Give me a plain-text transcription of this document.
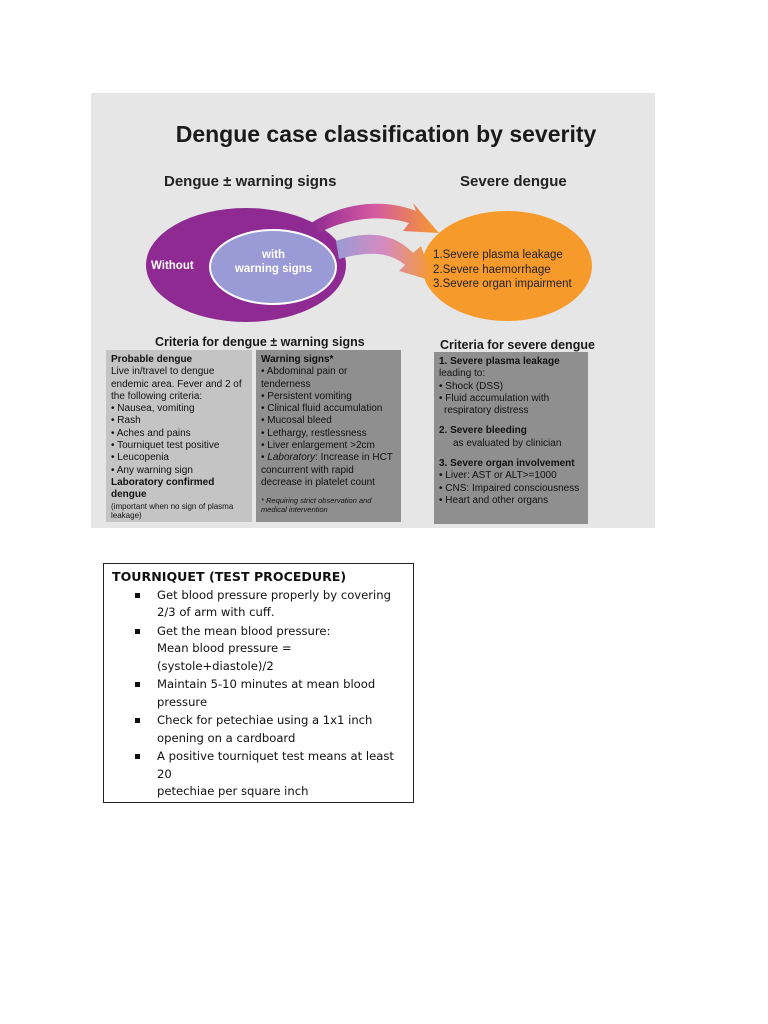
Dengue case classification by severity
Dengue ± warning signs	Severe dengue
Without
with
warning signs
1.Severe plasma leakage
2.Severe haemorrhage
3.Severe organ impairment
Criteria for dengue ± warning signs	Criteria for severe dengue
Probable dengue
Live in/travel to dengue endemic area. Fever and 2 of the following criteria:
• Nausea, vomiting
• Rash
• Aches and pains
• Tourniquet test positive
• Leucopenia
• Any warning sign
Laboratory confirmed dengue
(important when no sign of plasma leakage)
Warning signs*
• Abdominal pain or tenderness
• Persistent vomiting
• Clinical fluid accumulation
• Mucosal bleed
• Lethargy, restlessness
• Liver enlargement >2cm
• Laboratory: Increase in HCT concurrent with rapid decrease in platelet count
* Requiring strict observation and medical intervention
1. Severe plasma leakage
leading to:
• Shock (DSS)
• Fluid accumulation with
respiratory distress
2. Severe bleeding
as evaluated by clinician
3. Severe organ involvement
• Liver: AST or ALT>=1000
• CNS: Impaired consciousness
• Heart and other organs
TOURNIQUET (TEST PROCEDURE)
Get blood pressure properly by covering
2/3 of arm with cuff.
Get the mean blood pressure:
Mean blood pressure = (systole+diastole)/2
Maintain 5-10 minutes at mean blood
pressure
Check for petechiae using a 1x1 inch
opening on a cardboard
A positive tourniquet test means at least 20
petechiae per square inch
